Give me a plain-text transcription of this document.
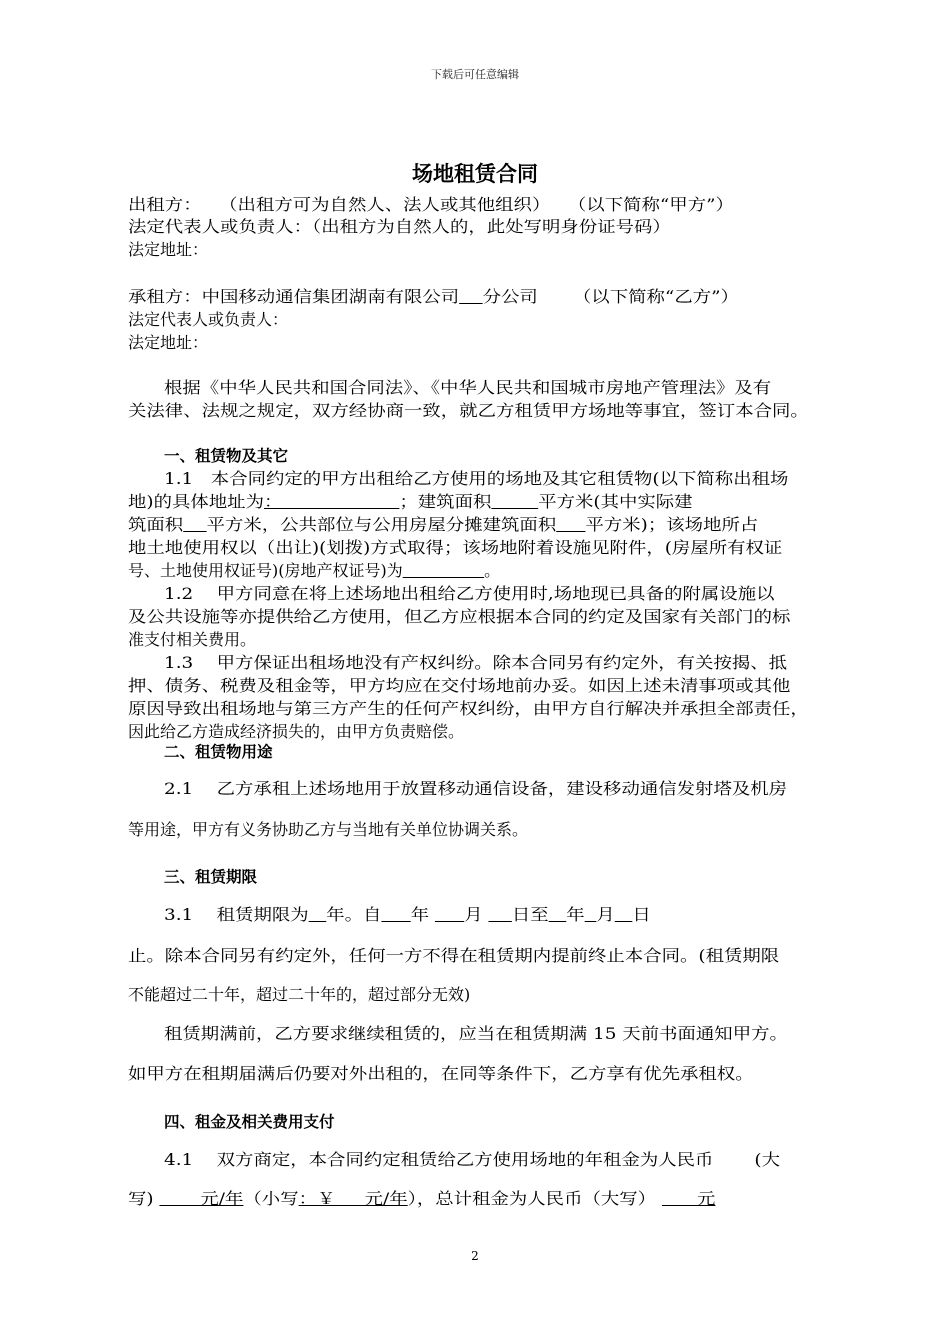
下载后可任意编辑
场地租赁合同
出租方：   （出租方可为自然人、法人或其他组织）   （以下简称“甲方”）
法定代表人或负责人：（出租方为自然人的，此处写明身份证号码）
法定地址：
承租方：中国移动通信集团湖南有限公司 分公司      （以下简称“乙方”）
法定代表人或负责人：
法定地址：
根据《中华人民共和国合同法》、《中华人民共和国城市房地产管理法》及有
关法律、法规之规定，双方经协商一致，就乙方租赁甲方场地等事宜，签订本合同。
一、租赁物及其它
1.1   本合同约定的甲方出租给乙方使用的场地及其它租赁物(以下简称出租场
地)的具体地址为：                    ；建筑面积	平方米(其中实际建
筑面积 平方米，公共部位与公用房屋分摊建筑面积 平方米)；该场地所占
地土地使用权以（出让)(划拨)方式取得；该场地附着设施见附件，(房屋所有权证
号、土地使用权证号)(房地产权证号)为	。
1.2    甲方同意在将上述场地出租给乙方使用时,场地现已具备的附属设施以
及公共设施等亦提供给乙方使用，但乙方应根据本合同的约定及国家有关部门的标
准支付相关费用。
1.3    甲方保证出租场地没有产权纠纷。除本合同另有约定外，有关按揭、抵
押、债务、税费及租金等，甲方均应在交付场地前办妥。如因上述未清事项或其他
原因导致出租场地与第三方产生的任何产权纠纷，由甲方自行解决并承担全部责任，
因此给乙方造成经济损失的，由甲方负责赔偿。
二、租赁物用途
2.1    乙方承租上述场地用于放置移动通信设备，建设移动通信发射塔及机房
等用途，甲方有义务协助乙方与当地有关单位协调关系。
三、租赁期限
3.1    租赁期限为 年。自 年      月     日至 年 月 日
止。除本合同另有约定外，任何一方不得在租赁期内提前终止本合同。(租赁期限
不能超过二十年，超过二十年的，超过部分无效)
租赁期满前，乙方要求继续租赁的，应当在租赁期满 15 天前书面通知甲方。
如甲方在租期届满后仍要对外出租的，在同等条件下，乙方享有优先承租权。
四、租金及相关费用支付
4.1    双方商定，本合同约定租赁给乙方使用场地的年租金为人民币       (大
写)        元/年（小写：￥     元/年），总计租金为人民币（大写）       元
2
